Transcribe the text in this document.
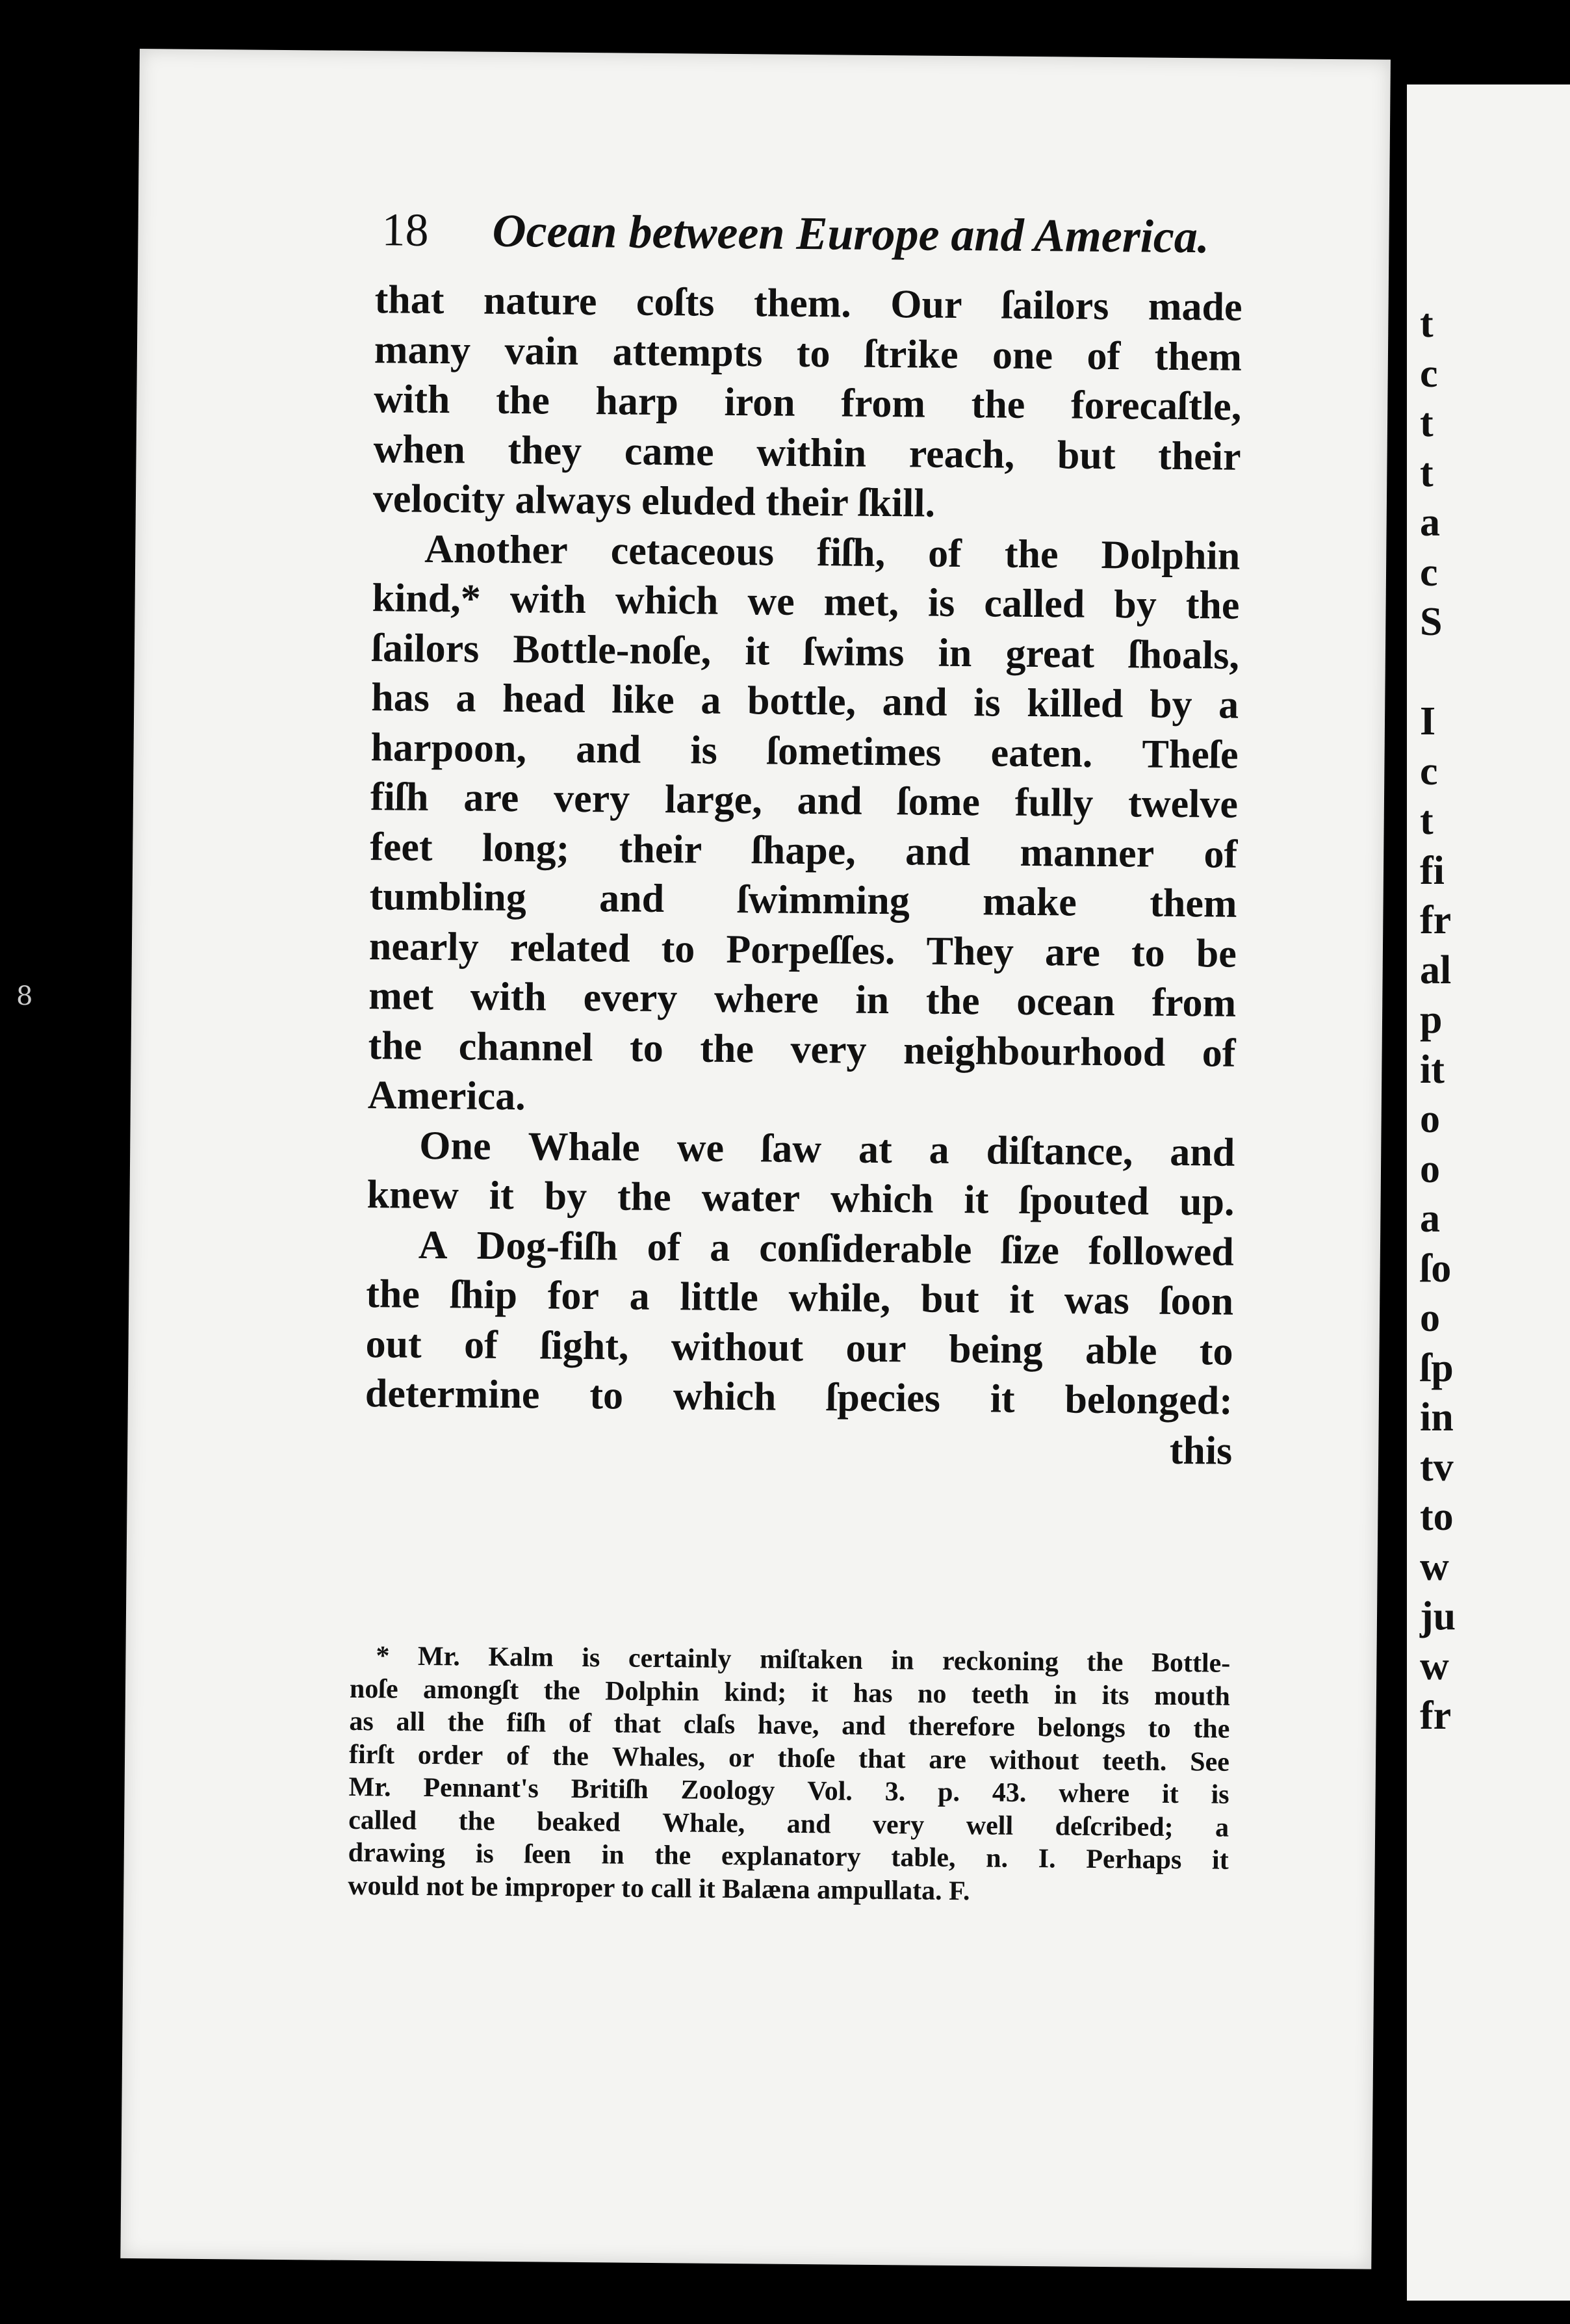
18 Ocean between Europe and America.
that nature coſts them. Our ſailors made
many vain attempts to ſtrike one of them
with the harp iron from the forecaſtle,
when they came within reach, but their
velocity always eluded their ſkill.
Another cetaceous fiſh, of the Dolphin
kind,* with which we met, is called by the
ſailors Bottle-noſe, it ſwims in great ſhoals,
has a head like a bottle, and is killed by a
harpoon, and is ſometimes eaten. Theſe
fiſh are very large, and ſome fully twelve
feet long; their ſhape, and manner of
tumbling and ſwimming make them
nearly related to Porpeſſes. They are to be
met with every where in the ocean from
the channel to the very neighbourhood of
America.
One Whale we ſaw at a diſtance, and
knew it by the water which it ſpouted up.
A Dog-fiſh of a conſiderable ſize followed
the ſhip for a little while, but it was ſoon
out of ſight, without our being able to
determine to which ſpecies it belonged:
this
* Mr. Kalm is certainly miſtaken in reckoning the Bottle-
noſe amongſt the Dolphin kind; it has no teeth in its mouth
as all the fiſh of that claſs have, and therefore belongs to the
firſt order of the Whales, or thoſe that are without teeth. See
Mr. Pennant's Britiſh Zoology Vol. 3. p. 43. where it is
called the beaked Whale, and very well deſcribed; a
drawing is ſeen in the explanatory table, n. I. Perhaps it
would not be improper to call it Balæna ampullata. F.
t
c
t
t
a
c
S
I
c
t
fi
fr
al
p
it
o
o
a
ſo
o
ſp
in
tv
to
w
ju
w
fr
8
